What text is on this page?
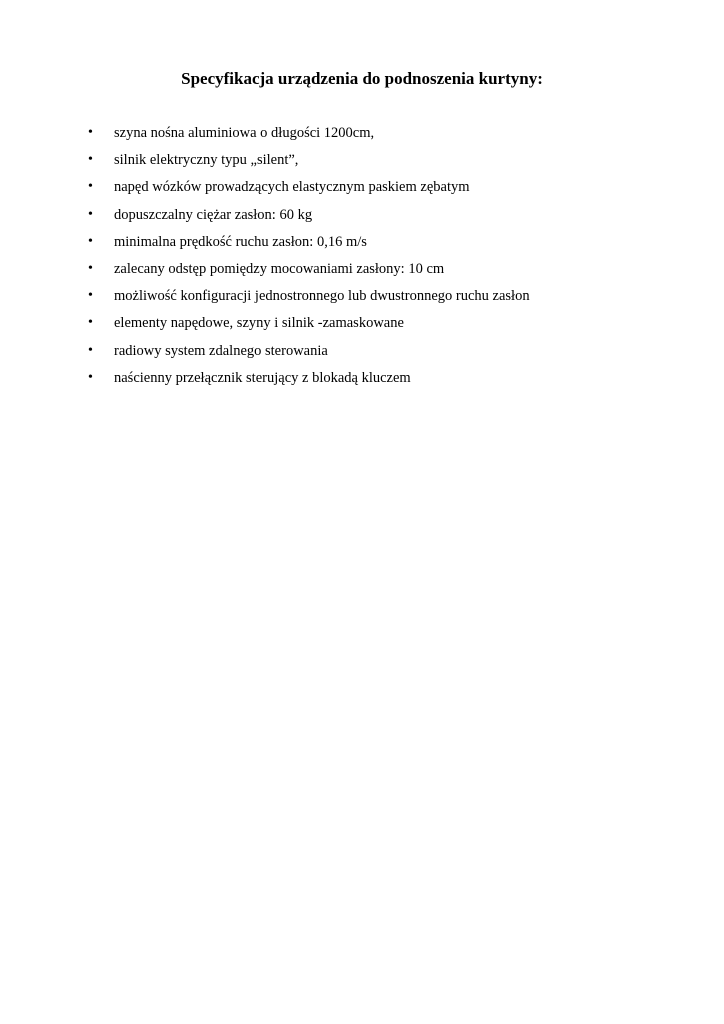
Specyfikacja urządzenia do podnoszenia kurtyny:
•	szyna nośna aluminiowa o długości 1200cm,
•	silnik elektryczny typu „silent”,
•	napęd wózków prowadzących elastycznym paskiem zębatym
•	dopuszczalny ciężar zasłon: 60 kg
•	minimalna prędkość ruchu zasłon: 0,16 m/s
•	zalecany odstęp pomiędzy mocowaniami zasłony: 10 cm
•	możliwość konfiguracji jednostronnego lub dwustronnego ruchu zasłon
•	elementy napędowe, szyny i silnik -zamaskowane
•	radiowy system zdalnego sterowania
•	naścienny przełącznik sterujący z blokadą kluczem
